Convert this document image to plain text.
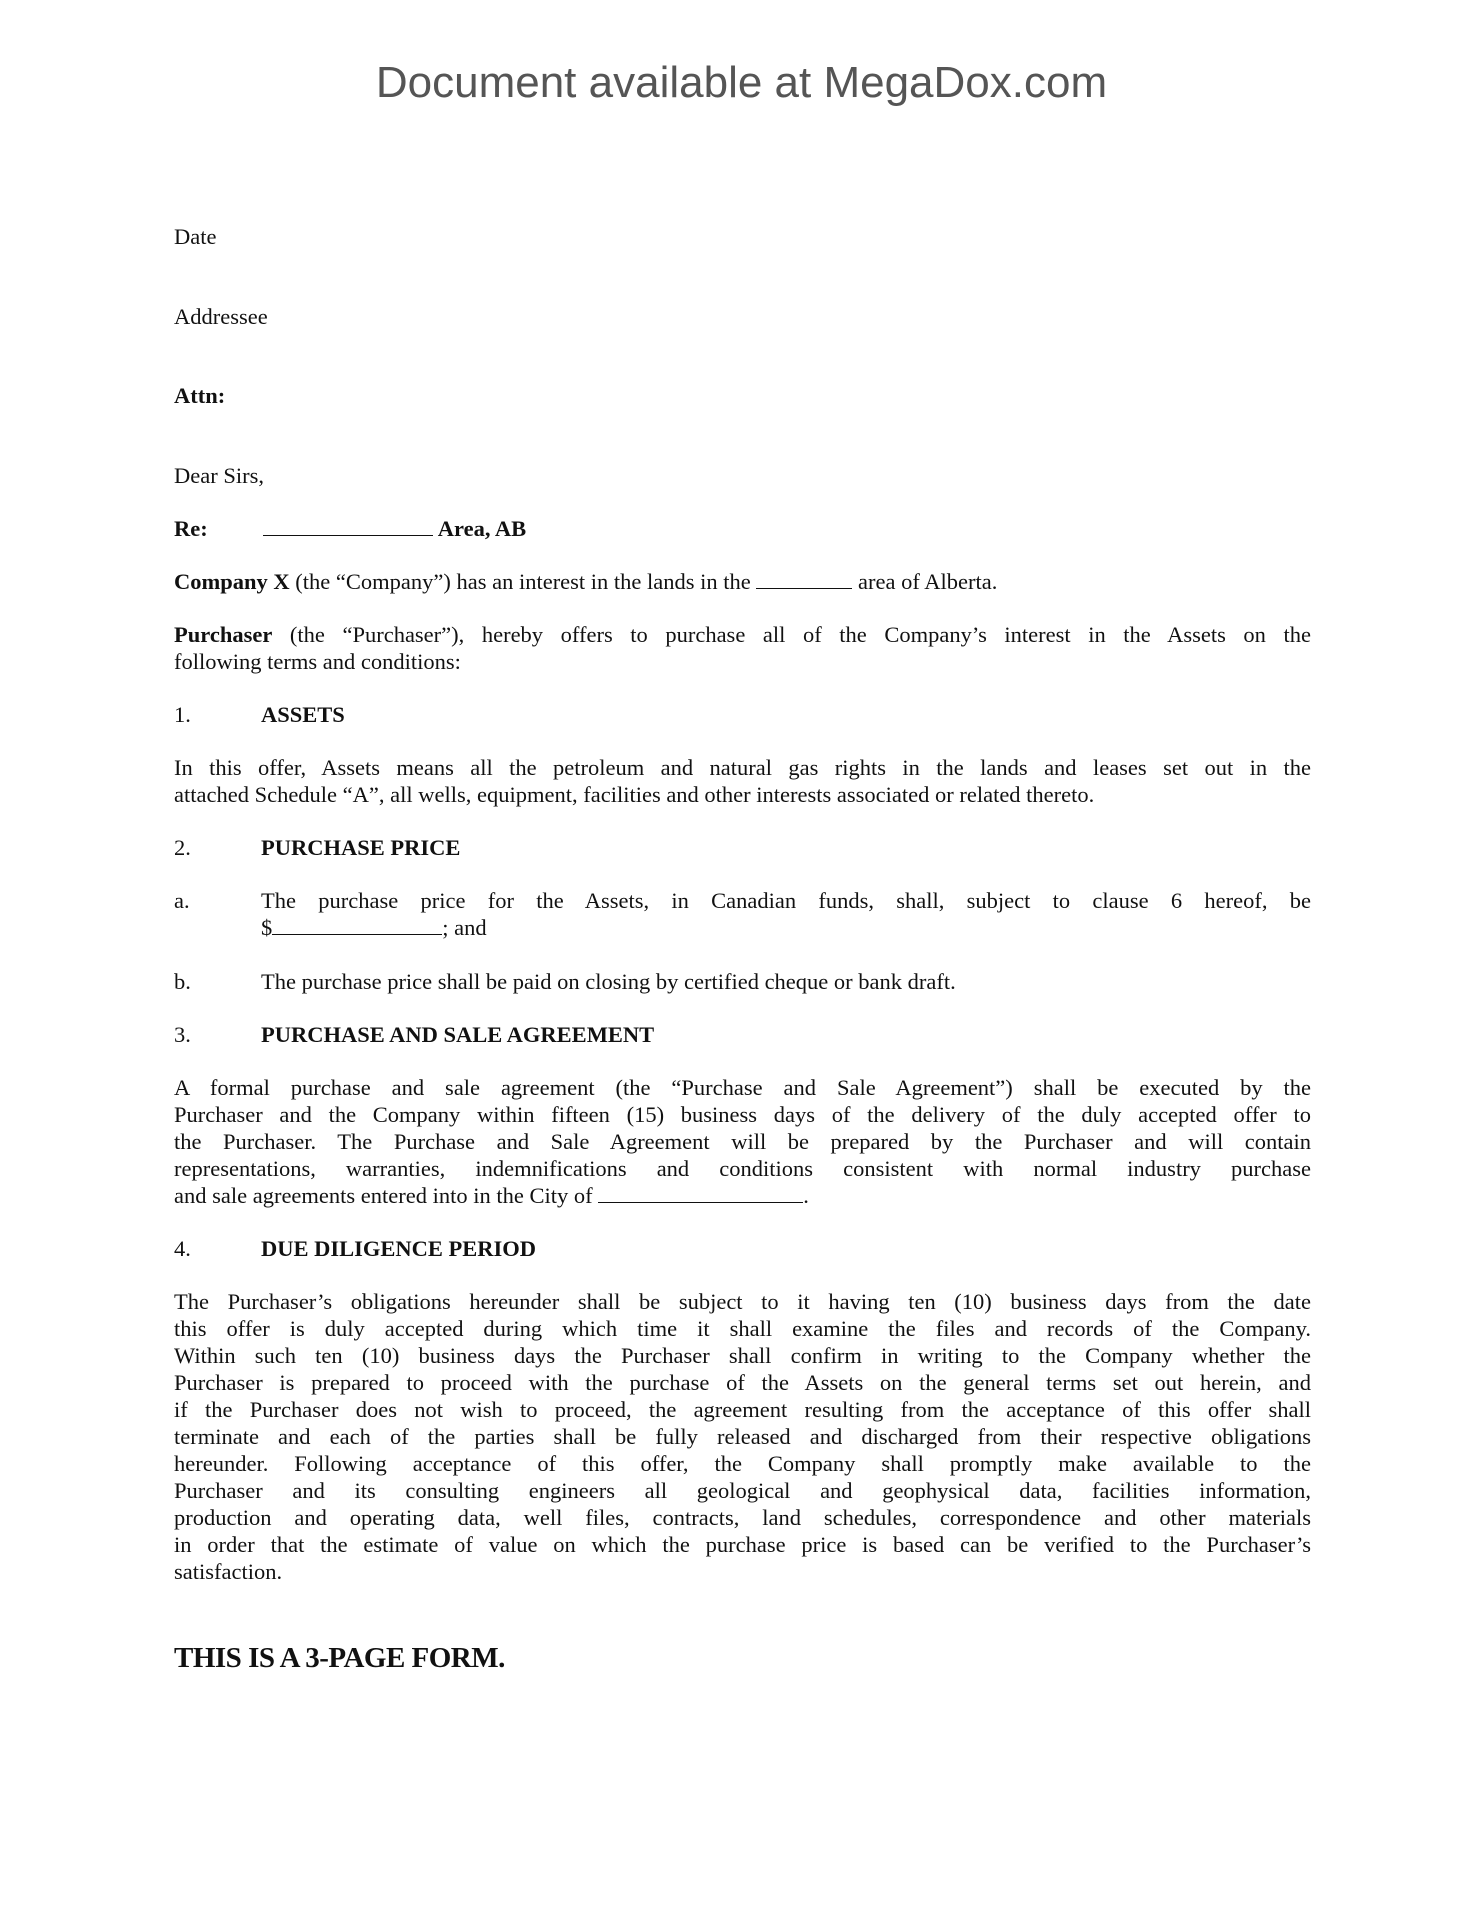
Document available at MegaDox.com
Date
Addressee
Attn:
Dear Sirs,
Re:	Area, AB
Company X (the “Company”) has an interest in the lands in the	area of Alberta.
Purchaser (the “Purchaser”), hereby offers to purchase all of the Company’s interest in the Assets on the
following terms and conditions:
1.	ASSETS
In this offer, Assets means all the petroleum and natural gas rights in the lands and leases set out in the
attached Schedule “A”, all wells, equipment, facilities and other interests associated or related thereto.
2.	PURCHASE PRICE
a.	The purchase price for the Assets, in Canadian funds, shall, subject to clause 6 hereof, be
$	; and
b.	The purchase price shall be paid on closing by certified cheque or bank draft.
3.	PURCHASE AND SALE AGREEMENT
A formal purchase and sale agreement (the “Purchase and Sale Agreement”) shall be executed by the
Purchaser and the Company within fifteen (15) business days of the delivery of the duly accepted offer to
the Purchaser. The Purchase and Sale Agreement will be prepared by the Purchaser and will contain
representations, warranties, indemnifications and conditions consistent with normal industry purchase
and sale agreements entered into in the City of	.
4.	DUE DILIGENCE PERIOD
The Purchaser’s obligations hereunder shall be subject to it having ten (10) business days from the date
this offer is duly accepted during which time it shall examine the files and records of the Company.
Within such ten (10) business days the Purchaser shall confirm in writing to the Company whether the
Purchaser is prepared to proceed with the purchase of the Assets on the general terms set out herein, and
if the Purchaser does not wish to proceed, the agreement resulting from the acceptance of this offer shall
terminate and each of the parties shall be fully released and discharged from their respective obligations
hereunder. Following acceptance of this offer, the Company shall promptly make available to the
Purchaser and its consulting engineers all geological and geophysical data, facilities information,
production and operating data, well files, contracts, land schedules, correspondence and other materials
in order that the estimate of value on which the purchase price is based can be verified to the Purchaser’s
satisfaction.
THIS IS A 3-PAGE FORM.
